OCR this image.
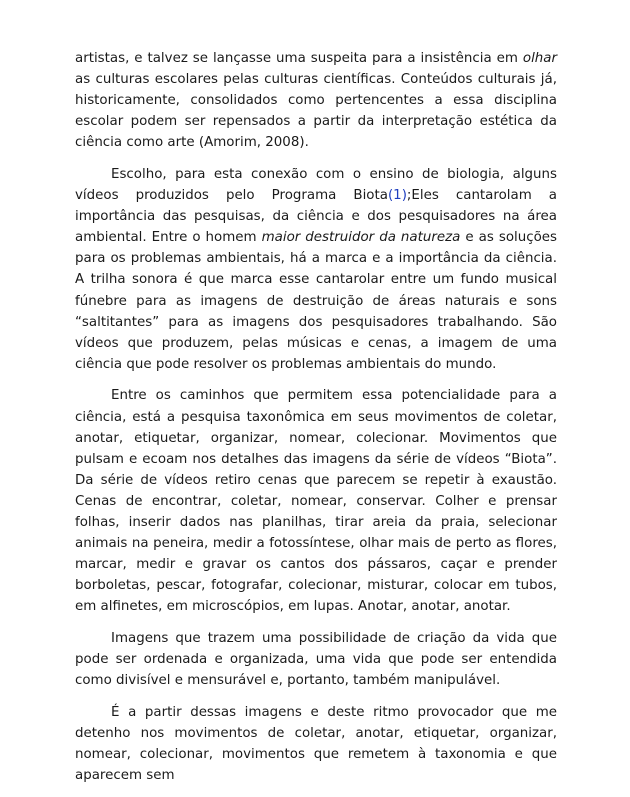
artistas, e talvez se lançasse uma suspeita para a insistência em olhar as culturas escolares pelas culturas científicas. Conteúdos culturais já, historicamente, consolidados como pertencentes a essa disciplina escolar podem ser repensados a partir da interpretação estética da ciência como arte (Amorim, 2008).

Escolho, para esta conexão com o ensino de biologia, alguns vídeos produzidos pelo Programa Biota(1);Eles cantarolam a importância das pesquisas, da ciência e dos pesquisadores na área ambiental. Entre o homem maior destruidor da natureza e as soluções para os problemas ambientais, há a marca e a importância da ciência. A trilha sonora é que marca esse cantarolar entre um fundo musical fúnebre para as imagens de destruição de áreas naturais e sons “saltitantes” para as imagens dos pesquisadores trabalhando. São vídeos que produzem, pelas músicas e cenas, a imagem de uma ciência que pode resolver os problemas ambientais do mundo.

Entre os caminhos que permitem essa potencialidade para a ciência, está a pesquisa taxonômica em seus movimentos de coletar, anotar, etiquetar, organizar, nomear, colecionar. Movimentos que pulsam e ecoam nos detalhes das imagens da série de vídeos “Biota”. Da série de vídeos retiro cenas que parecem se repetir à exaustão. Cenas de encontrar, coletar, nomear, conservar. Colher e prensar folhas, inserir dados nas planilhas, tirar areia da praia, selecionar animais na peneira, medir a fotossíntese, olhar mais de perto as flores, marcar, medir e gravar os cantos dos pássaros, caçar e prender borboletas, pescar, fotografar, colecionar, misturar, colocar em tubos, em alfinetes, em microscópios, em lupas. Anotar, anotar, anotar.

Imagens que trazem uma possibilidade de criação da vida que pode ser ordenada e organizada, uma vida que pode ser entendida como divisível e mensurável e, portanto, também manipulável.

É a partir dessas imagens e deste ritmo provocador que me detenho nos movimentos de coletar, anotar, etiquetar, organizar, nomear, colecionar, movimentos que remetem à taxonomia e que aparecem sem
